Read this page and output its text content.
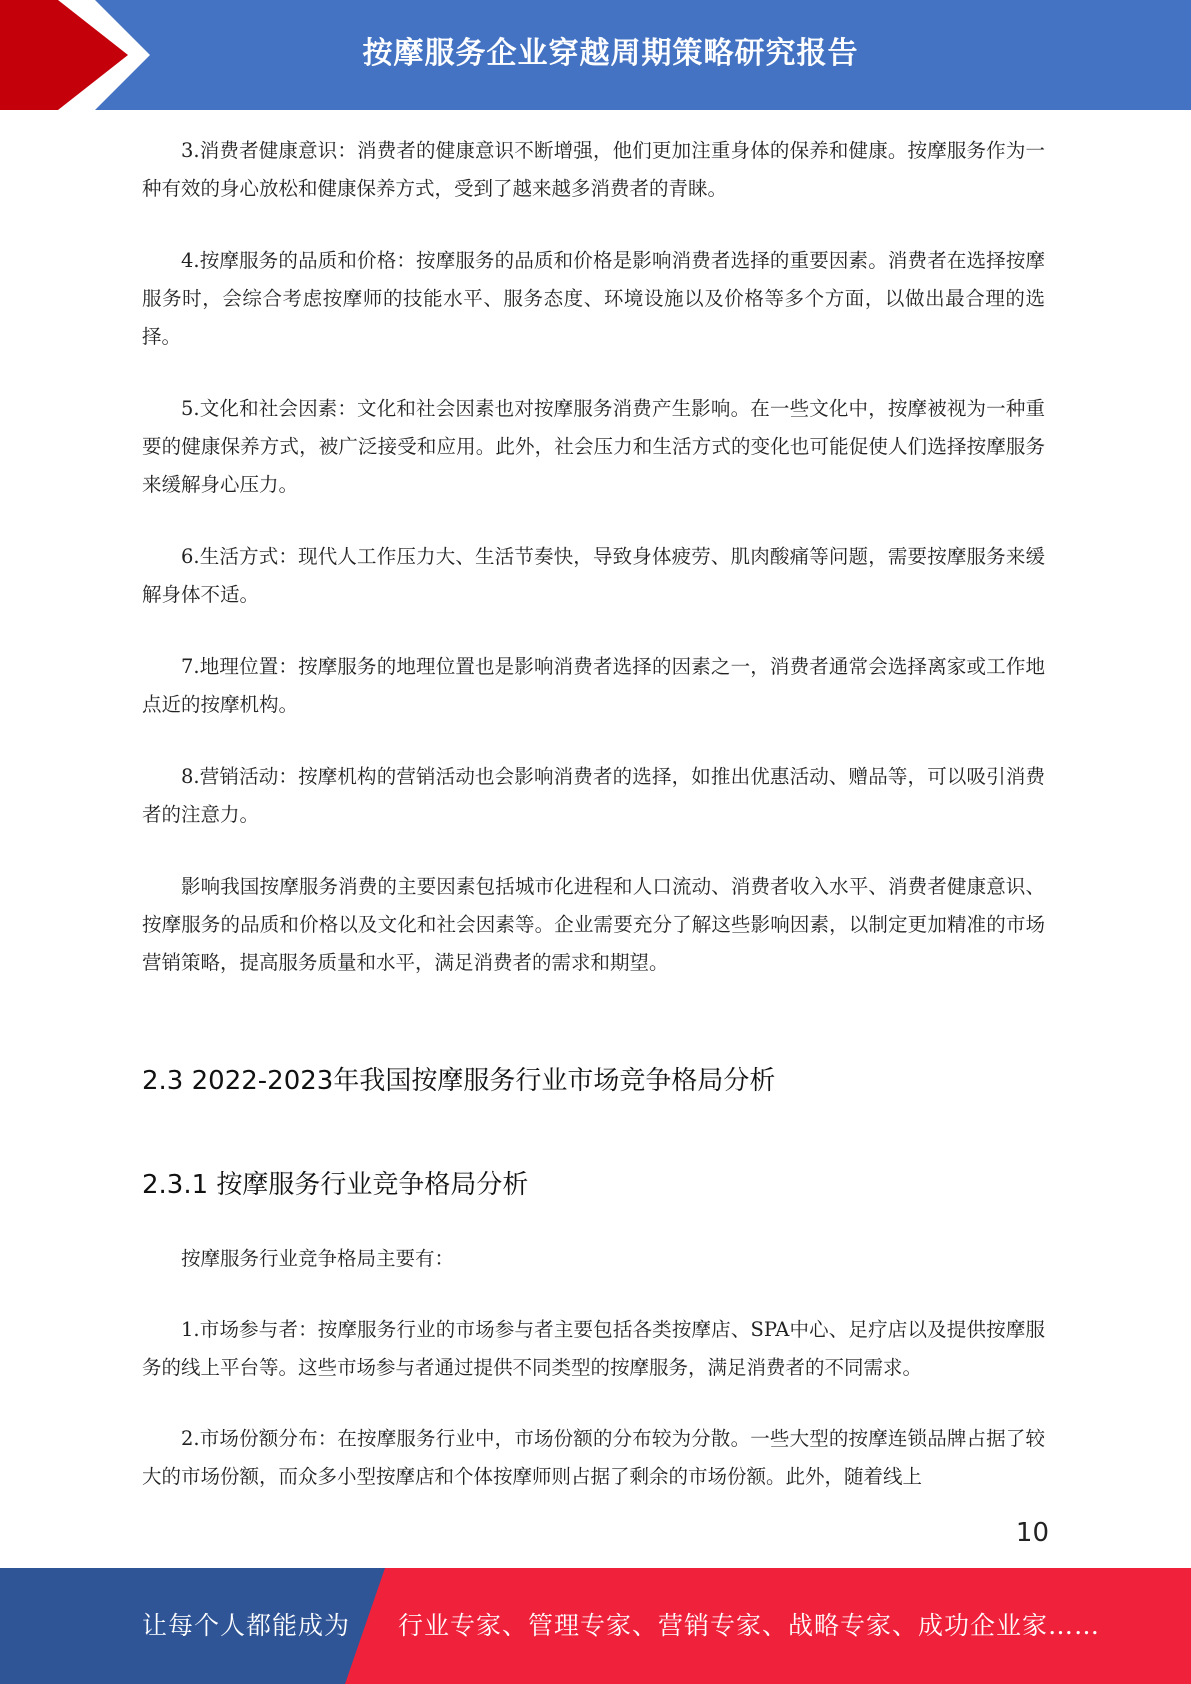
按摩服务企业穿越周期策略研究报告

3.消费者健康意识：消费者的健康意识不断增强，他们更加注重身体的保养和健康。按摩服务作为一种有效的身心放松和健康保养方式，受到了越来越多消费者的青睐。

4.按摩服务的品质和价格：按摩服务的品质和价格是影响消费者选择的重要因素。消费者在选择按摩服务时，会综合考虑按摩师的技能水平、服务态度、环境设施以及价格等多个方面，以做出最合理的选择。

5.文化和社会因素：文化和社会因素也对按摩服务消费产生影响。在一些文化中，按摩被视为一种重要的健康保养方式，被广泛接受和应用。此外，社会压力和生活方式的变化也可能促使人们选择按摩服务来缓解身心压力。

6.生活方式：现代人工作压力大、生活节奏快，导致身体疲劳、肌肉酸痛等问题，需要按摩服务来缓解身体不适。

7.地理位置：按摩服务的地理位置也是影响消费者选择的因素之一，消费者通常会选择离家或工作地点近的按摩机构。

8.营销活动：按摩机构的营销活动也会影响消费者的选择，如推出优惠活动、赠品等，可以吸引消费者的注意力。

影响我国按摩服务消费的主要因素包括城市化进程和人口流动、消费者收入水平、消费者健康意识、按摩服务的品质和价格以及文化和社会因素等。企业需要充分了解这些影响因素，以制定更加精准的市场营销策略，提高服务质量和水平，满足消费者的需求和期望。

2.3 2022-2023年我国按摩服务行业市场竞争格局分析
2.3.1 按摩服务行业竞争格局分析

按摩服务行业竞争格局主要有：

1.市场参与者：按摩服务行业的市场参与者主要包括各类按摩店、SPA中心、足疗店以及提供按摩服务的线上平台等。这些市场参与者通过提供不同类型的按摩服务，满足消费者的不同需求。

2.市场份额分布：在按摩服务行业中，市场份额的分布较为分散。一些大型的按摩连锁品牌占据了较大的市场份额，而众多小型按摩店和个体按摩师则占据了剩余的市场份额。此外，随着线上

10
让每个人都能成为 行业专家、管理专家、营销专家、战略专家、成功企业家……
